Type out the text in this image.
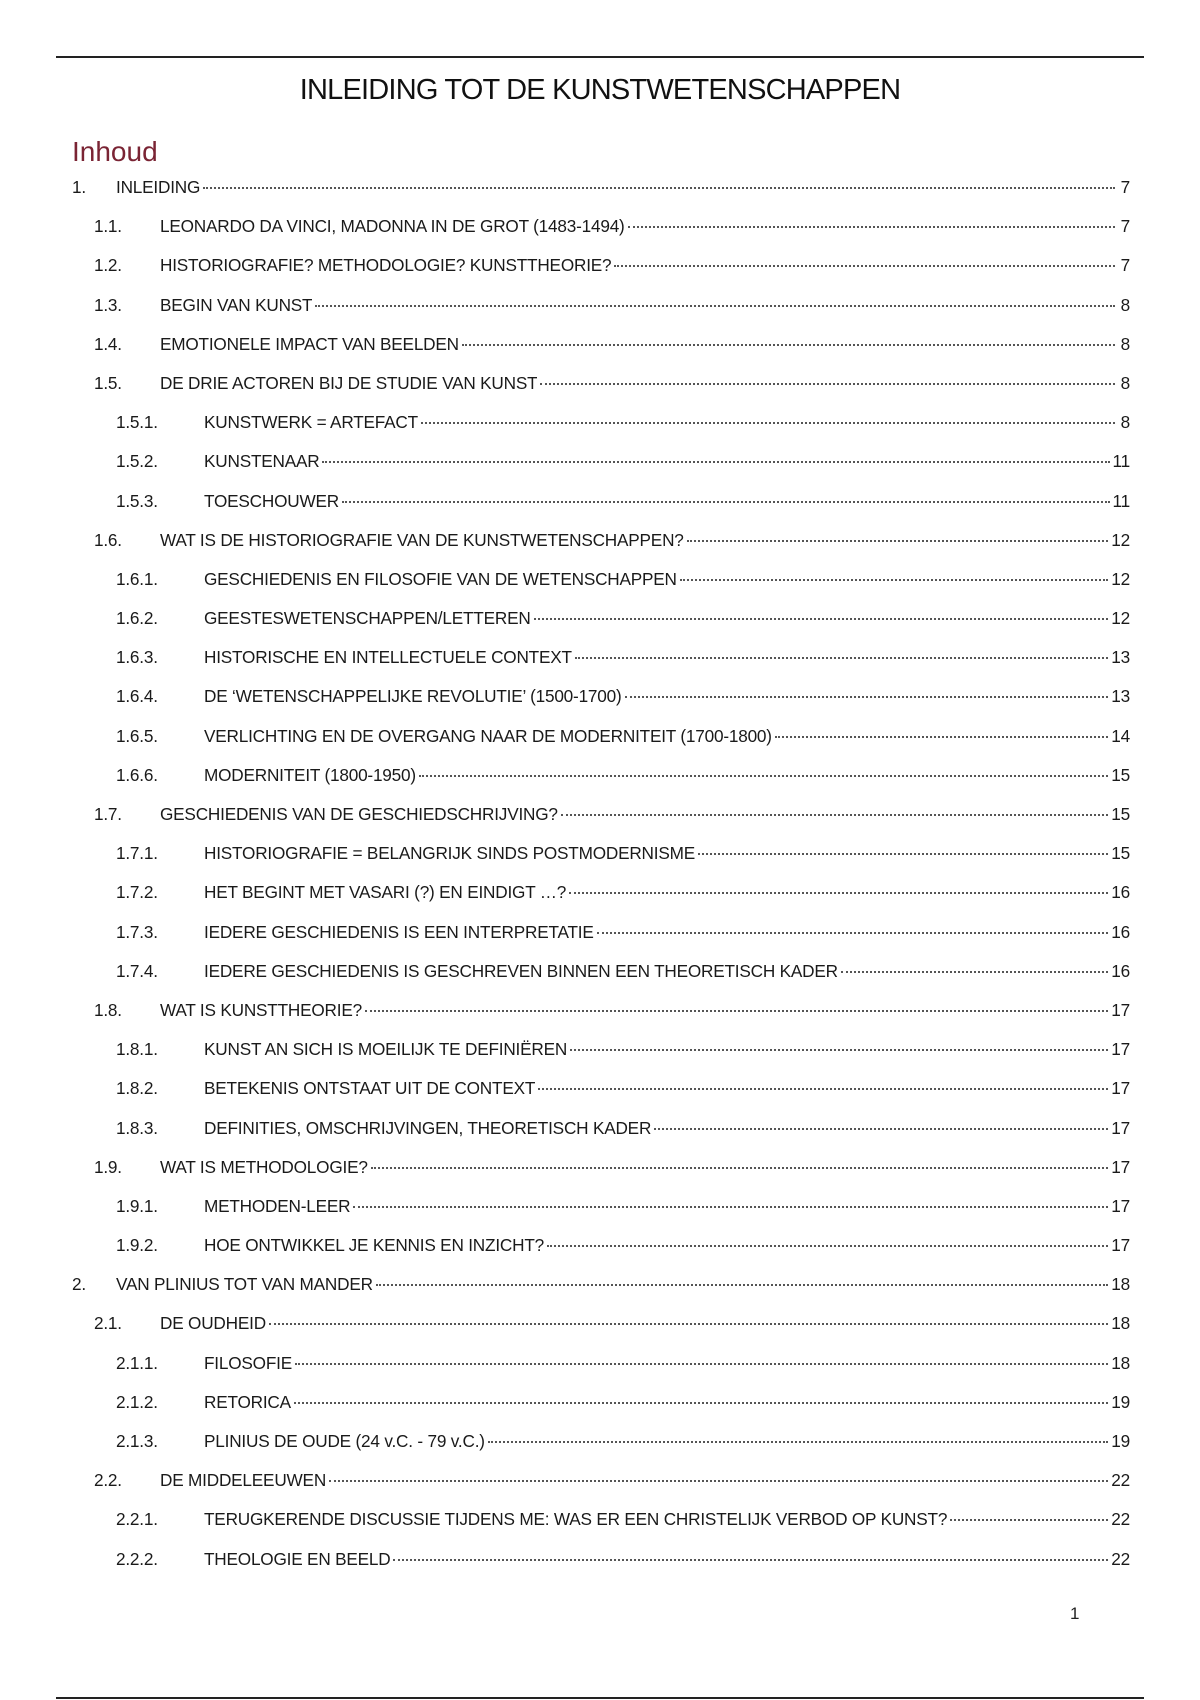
INLEIDING TOT DE KUNSTWETENSCHAPPEN
Inhoud
1.	INLEIDING	7
1.1.	LEONARDO DA VINCI, MADONNA IN DE GROT (1483-1494)	7
1.2.	HISTORIOGRAFIE? METHODOLOGIE? KUNSTTHEORIE?	7
1.3.	BEGIN VAN KUNST	8
1.4.	EMOTIONELE IMPACT VAN BEELDEN	8
1.5.	DE DRIE ACTOREN BIJ DE STUDIE VAN KUNST	8
1.5.1.	KUNSTWERK = ARTEFACT	8
1.5.2.	KUNSTENAAR	11
1.5.3.	TOESCHOUWER	11
1.6.	WAT IS DE HISTORIOGRAFIE VAN DE KUNSTWETENSCHAPPEN?	12
1.6.1.	GESCHIEDENIS EN FILOSOFIE VAN DE WETENSCHAPPEN	12
1.6.2.	GEESTESWETENSCHAPPEN/LETTEREN	12
1.6.3.	HISTORISCHE EN INTELLECTUELE CONTEXT	13
1.6.4.	DE ‘WETENSCHAPPELIJKE REVOLUTIE’ (1500-1700)	13
1.6.5.	VERLICHTING EN DE OVERGANG NAAR DE MODERNITEIT (1700-1800)	14
1.6.6.	MODERNITEIT (1800-1950)	15
1.7.	GESCHIEDENIS VAN DE GESCHIEDSCHRIJVING?	15
1.7.1.	HISTORIOGRAFIE = BELANGRIJK SINDS POSTMODERNISME	15
1.7.2.	HET BEGINT MET VASARI (?) EN EINDIGT …?	16
1.7.3.	IEDERE GESCHIEDENIS IS EEN INTERPRETATIE	16
1.7.4.	IEDERE GESCHIEDENIS IS GESCHREVEN BINNEN EEN THEORETISCH KADER	16
1.8.	WAT IS KUNSTTHEORIE?	17
1.8.1.	KUNST AN SICH IS MOEILIJK TE DEFINIËREN	17
1.8.2.	BETEKENIS ONTSTAAT UIT DE CONTEXT	17
1.8.3.	DEFINITIES, OMSCHRIJVINGEN, THEORETISCH KADER	17
1.9.	WAT IS METHODOLOGIE?	17
1.9.1.	METHODEN-LEER	17
1.9.2.	HOE ONTWIKKEL JE KENNIS EN INZICHT?	17
2.	VAN PLINIUS TOT VAN MANDER	18
2.1.	DE OUDHEID	18
2.1.1.	FILOSOFIE	18
2.1.2.	RETORICA	19
2.1.3.	PLINIUS DE OUDE (24 v.C. - 79 v.C.)	19
2.2.	DE MIDDELEEUWEN	22
2.2.1.	TERUGKERENDE DISCUSSIE TIJDENS ME: WAS ER EEN CHRISTELIJK VERBOD OP KUNST?	22
2.2.2.	THEOLOGIE EN BEELD	22
1
